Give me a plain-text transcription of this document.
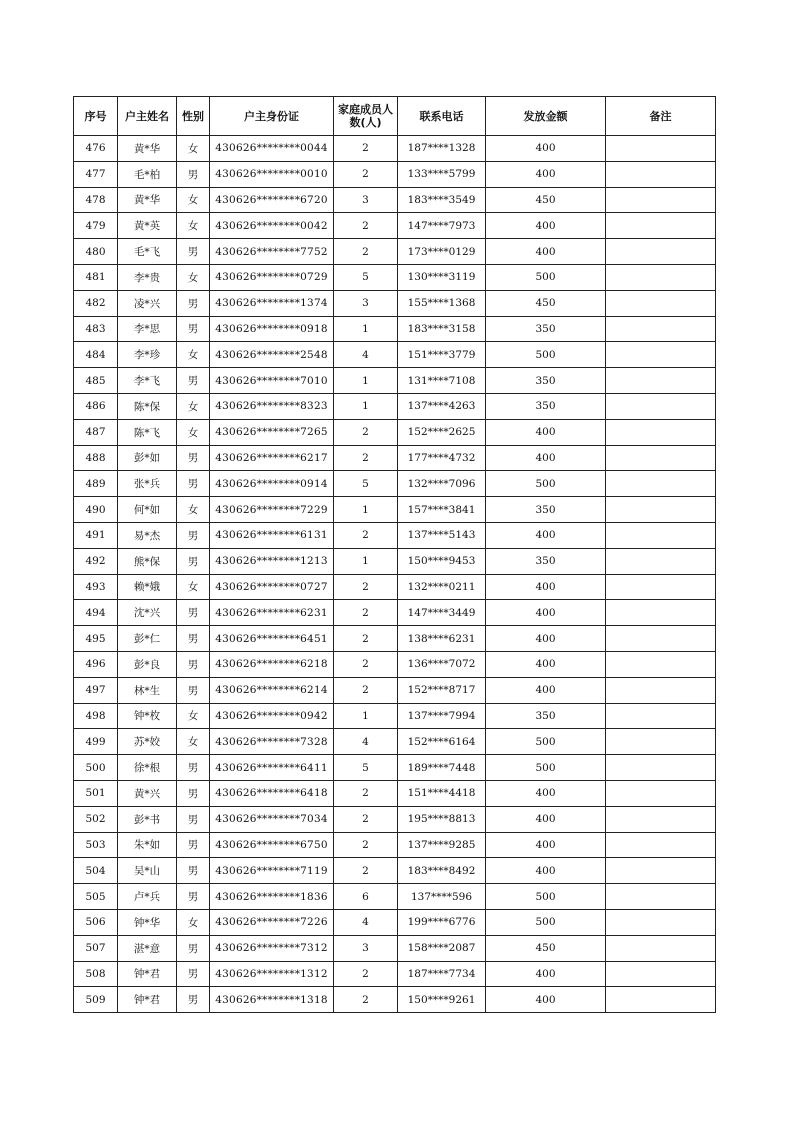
序号	户主姓名	性别	户主身份证	家庭成员人数(人)	联系电话	发放金额	备注
476	黄*华	女	430626********0044	2	187****1328	400	
477	毛*柏	男	430626********0010	2	133****5799	400	
478	黄*华	女	430626********6720	3	183****3549	450	
479	黄*英	女	430626********0042	2	147****7973	400	
480	毛*飞	男	430626********7752	2	173****0129	400	
481	李*贵	女	430626********0729	5	130****3119	500	
482	凌*兴	男	430626********1374	3	155****1368	450	
483	李*思	男	430626********0918	1	183****3158	350	
484	李*珍	女	430626********2548	4	151****3779	500	
485	李*飞	男	430626********7010	1	131****7108	350	
486	陈*保	女	430626********8323	1	137****4263	350	
487	陈*飞	女	430626********7265	2	152****2625	400	
488	彭*如	男	430626********6217	2	177****4732	400	
489	张*兵	男	430626********0914	5	132****7096	500	
490	何*如	女	430626********7229	1	157****3841	350	
491	易*杰	男	430626********6131	2	137****5143	400	
492	熊*保	男	430626********1213	1	150****9453	350	
493	赖*娥	女	430626********0727	2	132****0211	400	
494	沈*兴	男	430626********6231	2	147****3449	400	
495	彭*仁	男	430626********6451	2	138****6231	400	
496	彭*良	男	430626********6218	2	136****7072	400	
497	林*生	男	430626********6214	2	152****8717	400	
498	钟*枚	女	430626********0942	1	137****7994	350	
499	苏*姣	女	430626********7328	4	152****6164	500	
500	徐*根	男	430626********6411	5	189****7448	500	
501	黄*兴	男	430626********6418	2	151****4418	400	
502	彭*书	男	430626********7034	2	195****8813	400	
503	朱*如	男	430626********6750	2	137****9285	400	
504	吴*山	男	430626********7119	2	183****8492	400	
505	卢*兵	男	430626********1836	6	137****596	500	
506	钟*华	女	430626********7226	4	199****6776	500	
507	湛*意	男	430626********7312	3	158****2087	450	
508	钟*君	男	430626********1312	2	187****7734	400	
509	钟*君	男	430626********1318	2	150****9261	400	
